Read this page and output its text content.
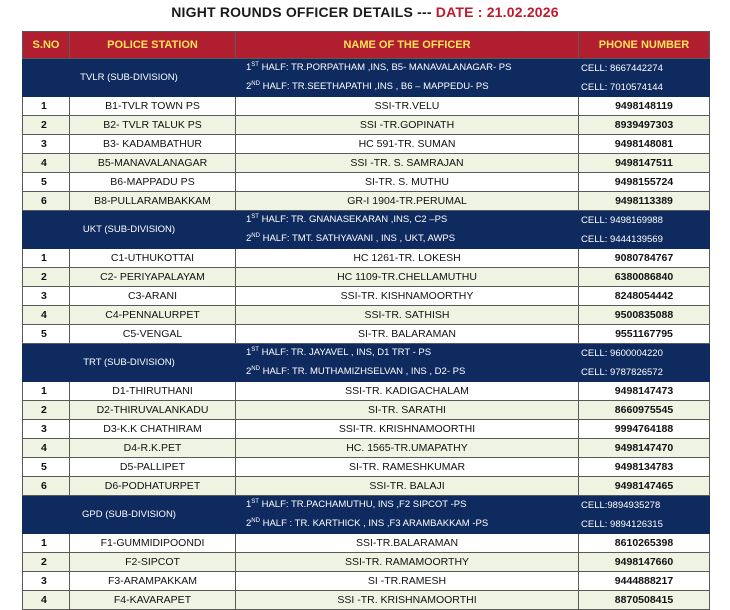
NIGHT ROUNDS OFFICER DETAILS --- DATE : 21.02.2026
S.NO	POLICE STATION	NAME OF THE OFFICER	PHONE NUMBER
TVLR (SUB-DIVISION)		1ST HALF: TR.PORPATHAM ,INS, B5- MANAVALANAGAR- PS	CELL: 8667442274
		2ND HALF: TR.SEETHAPATHI ,INS , B6 – MAPPEDU- PS	CELL: 7010574144
1	B1-TVLR TOWN PS	SSI-TR.VELU	9498148119
2	B2- TVLR TALUK PS	SSI -TR.GOPINATH	8939497303
3	B3- KADAMBATHUR	HC 591-TR. SUMAN	9498148081
4	B5-MANAVALANAGAR	SSI -TR. S. SAMRAJAN	9498147511
5	B6-MAPPADU PS	SI-TR. S. MUTHU	9498155724
6	B8-PULLARAMBAKKAM	GR-I 1904-TR.PERUMAL	9498113389
UKT (SUB-DIVISION)		1ST HALF: TR. GNANASEKARAN ,INS, C2 –PS	CELL: 9498169988
		2ND HALF: TMT. SATHYAVANI , INS , UKT, AWPS	CELL: 9444139569
1	C1-UTHUKOTTAI	HC 1261-TR. LOKESH	9080784767
2	C2- PERIYAPALAYAM	HC 1109-TR.CHELLAMUTHU	6380086840
3	C3-ARANI	SSI-TR. KISHNAMOORTHY	8248054442
4	C4-PENNALURPET	SSI-TR. SATHISH	9500835088
5	C5-VENGAL	SI-TR. BALARAMAN	9551167795
TRT (SUB-DIVISION)		1ST HALF: TR. JAYAVEL , INS, D1 TRT - PS	CELL: 9600004220
		2ND HALF: TR. MUTHAMIZHSELVAN , INS , D2- PS	CELL: 9787826572
1	D1-THIRUTHANI	SSI-TR. KADIGACHALAM	9498147473
2	D2-THIRUVALANKADU	SI-TR. SARATHI	8660975545
3	D3-K.K CHATHIRAM	SSI-TR. KRISHNAMOORTHI	9994764188
4	D4-R.K.PET	HC. 1565-TR.UMAPATHY	9498147470
5	D5-PALLIPET	SI-TR. RAMESHKUMAR	9498134783
6	D6-PODHATURPET	SSI-TR. BALAJI	9498147465
GPD (SUB-DIVISION)		1ST HALF: TR.PACHAMUTHU, INS ,F2 SIPCOT -PS	CELL:9894935278
		2ND HALF : TR. KARTHICK , INS ,F3 ARAMBAKKAM -PS	CELL: 9894126315
1	F1-GUMMIDIPOONDI	SSI-TR.BALARAMAN	8610265398
2	F2-SIPCOT	SSI-TR. RAMAMOORTHY	9498147660
3	F3-ARAMPAKKAM	SI -TR.RAMESH	9444888217
4	F4-KAVARAPET	SSI -TR. KRISHNAMOORTHI	8870508415
